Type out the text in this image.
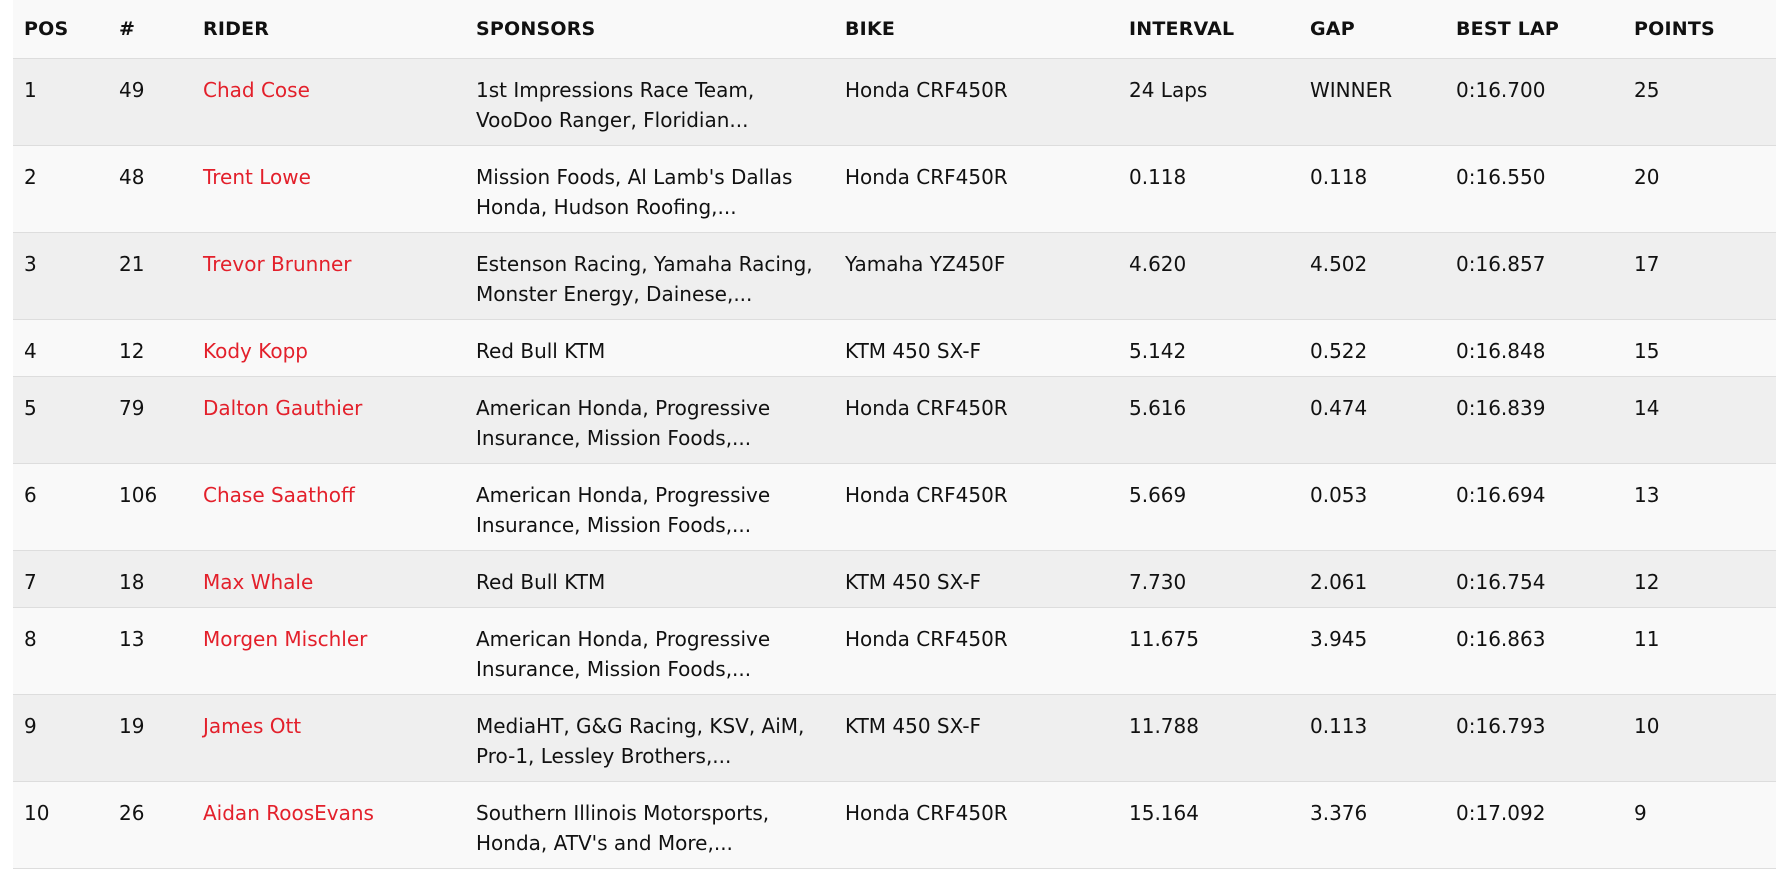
POS	#	RIDER	SPONSORS	BIKE	INTERVAL	GAP	BEST LAP	POINTS
1	49	Chad Cose	1st Impressions Race Team, VooDoo Ranger, Floridian...	Honda CRF450R	24 Laps	WINNER	0:16.700	25
2	48	Trent Lowe	Mission Foods, Al Lamb's Dallas Honda, Hudson Roofing,...	Honda CRF450R	0.118	0.118	0:16.550	20
3	21	Trevor Brunner	Estenson Racing, Yamaha Racing, Monster Energy, Dainese,...	Yamaha YZ450F	4.620	4.502	0:16.857	17
4	12	Kody Kopp	Red Bull KTM	KTM 450 SX-F	5.142	0.522	0:16.848	15
5	79	Dalton Gauthier	American Honda, Progressive Insurance, Mission Foods,...	Honda CRF450R	5.616	0.474	0:16.839	14
6	106	Chase Saathoff	American Honda, Progressive Insurance, Mission Foods,...	Honda CRF450R	5.669	0.053	0:16.694	13
7	18	Max Whale	Red Bull KTM	KTM 450 SX-F	7.730	2.061	0:16.754	12
8	13	Morgen Mischler	American Honda, Progressive Insurance, Mission Foods,...	Honda CRF450R	11.675	3.945	0:16.863	11
9	19	James Ott	MediaHT, G&G Racing, KSV, AiM, Pro-1, Lessley Brothers,...	KTM 450 SX-F	11.788	0.113	0:16.793	10
10	26	Aidan RoosEvans	Southern Illinois Motorsports, Honda, ATV's and More,...	Honda CRF450R	15.164	3.376	0:17.092	9
